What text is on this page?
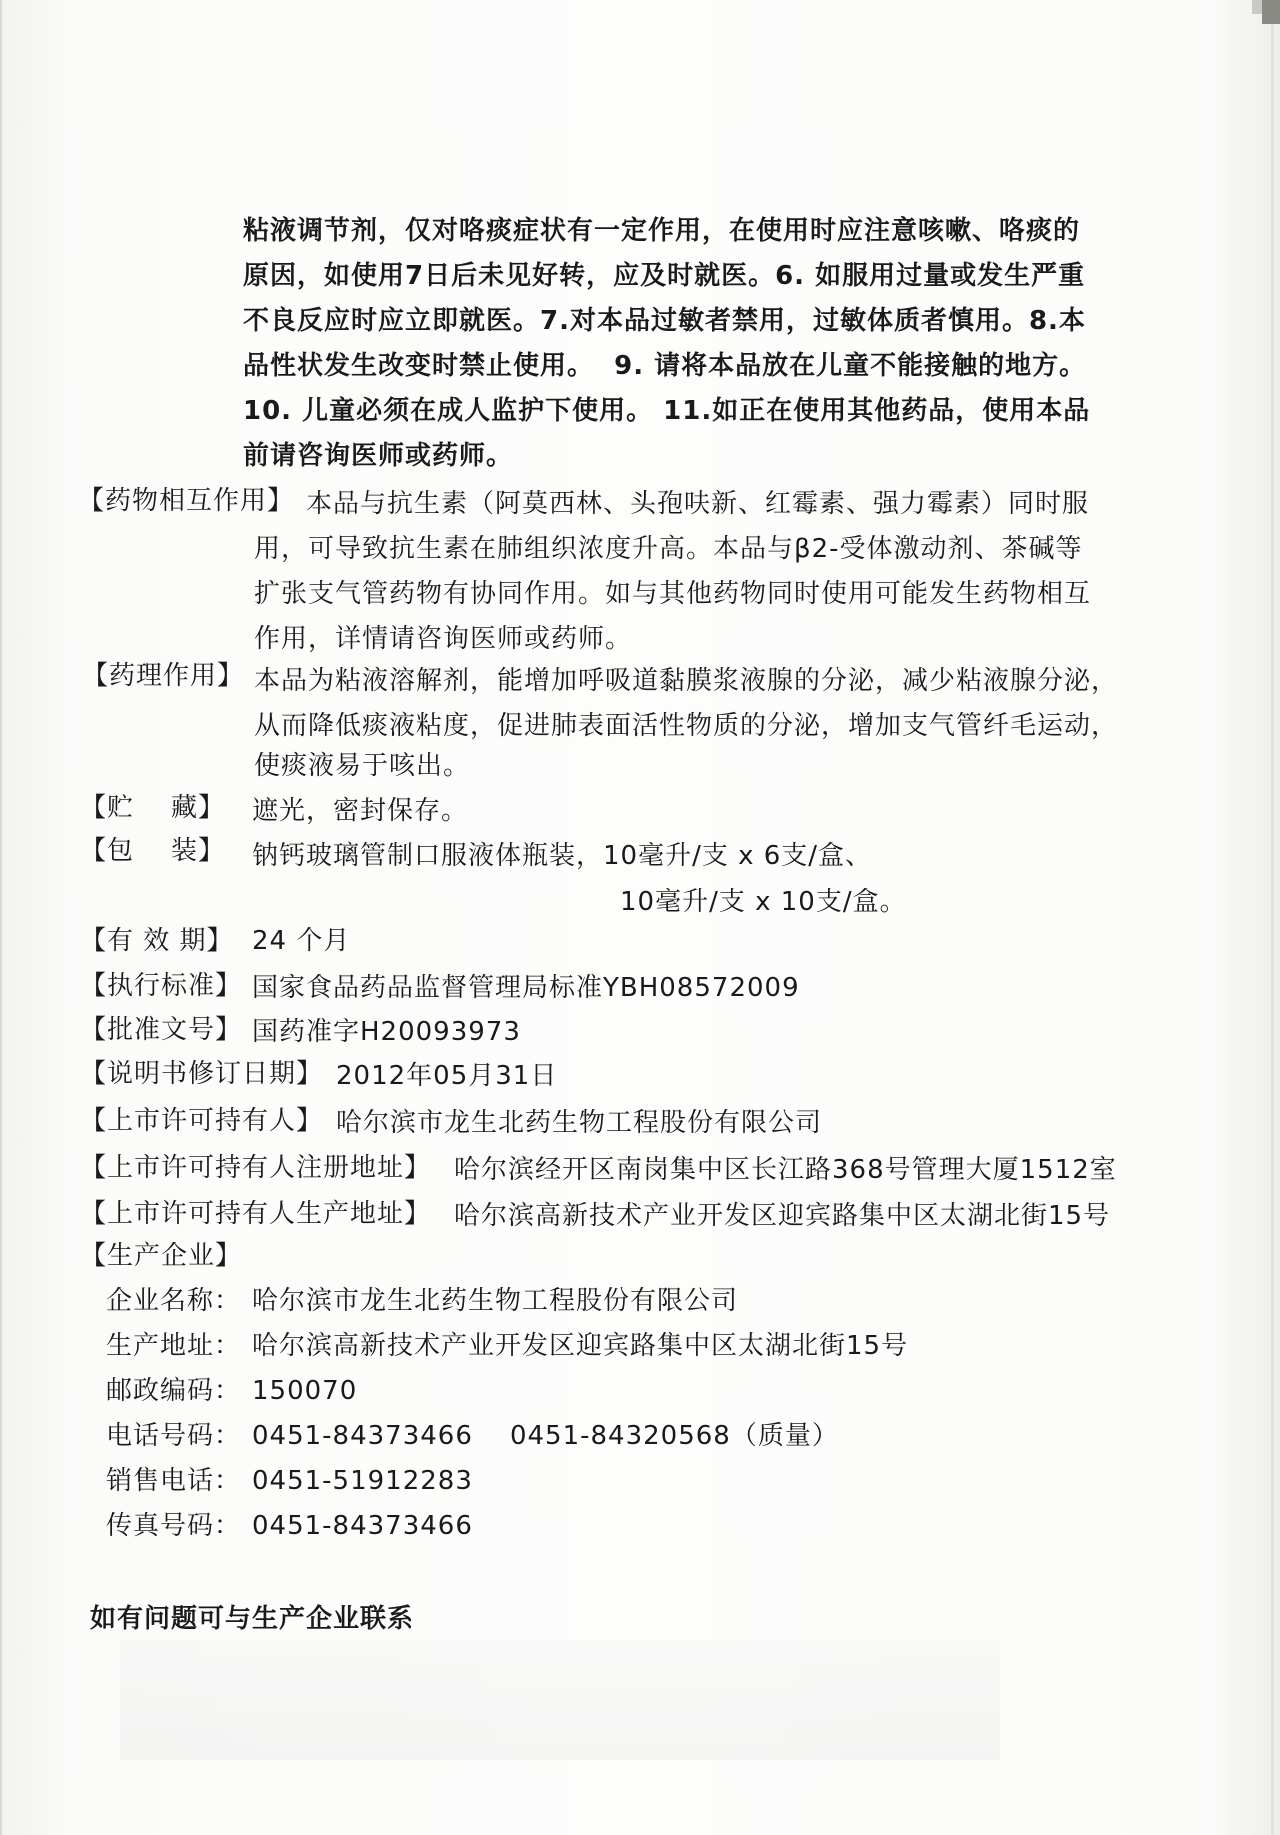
粘液调节剂，仅对咯痰症状有一定作用，在使用时应注意咳嗽、咯痰的
原因，如使用7日后未见好转，应及时就医。6. 如服用过量或发生严重
不良反应时应立即就医。7.对本品过敏者禁用，过敏体质者慎用。8.本
品性状发生改变时禁止使用。  9. 请将本品放在儿童不能接触的地方。
10. 儿童必须在成人监护下使用。 11.如正在使用其他药品，使用本品
前请咨询医师或药师。
【药物相互作用】 本品与抗生素（阿莫西林、头孢呋新、红霉素、强力霉素）同时服
用，可导致抗生素在肺组织浓度升高。本品与β2-受体激动剂、茶碱等
扩张支气管药物有协同作用。如与其他药物同时使用可能发生药物相互
作用，详情请咨询医师或药师。
【药理作用】 本品为粘液溶解剂，能增加呼吸道黏膜浆液腺的分泌，减少粘液腺分泌，
从而降低痰液粘度，促进肺表面活性物质的分泌，增加支气管纤毛运动，
使痰液易于咳出。
【贮    藏】 遮光，密封保存。
【包    装】 钠钙玻璃管制口服液体瓶装，10毫升/支 x 6支/盒、
10毫升/支 x 10支/盒。
【有 效 期】 24 个月
【执行标准】 国家食品药品监督管理局标准YBH08572009
【批准文号】 国药准字H20093973
【说明书修订日期】 2012年05月31日
【上市许可持有人】 哈尔滨市龙生北药生物工程股份有限公司
【上市许可持有人注册地址】 哈尔滨经开区南岗集中区长江路368号管理大厦1512室
【上市许可持有人生产地址】 哈尔滨高新技术产业开发区迎宾路集中区太湖北街15号
【生产企业】
企业名称： 哈尔滨市龙生北药生物工程股份有限公司
生产地址： 哈尔滨高新技术产业开发区迎宾路集中区太湖北街15号
邮政编码： 150070
电话号码： 0451-84373466    0451-84320568（质量）
销售电话： 0451-51912283
传真号码： 0451-84373466
如有问题可与生产企业联系
